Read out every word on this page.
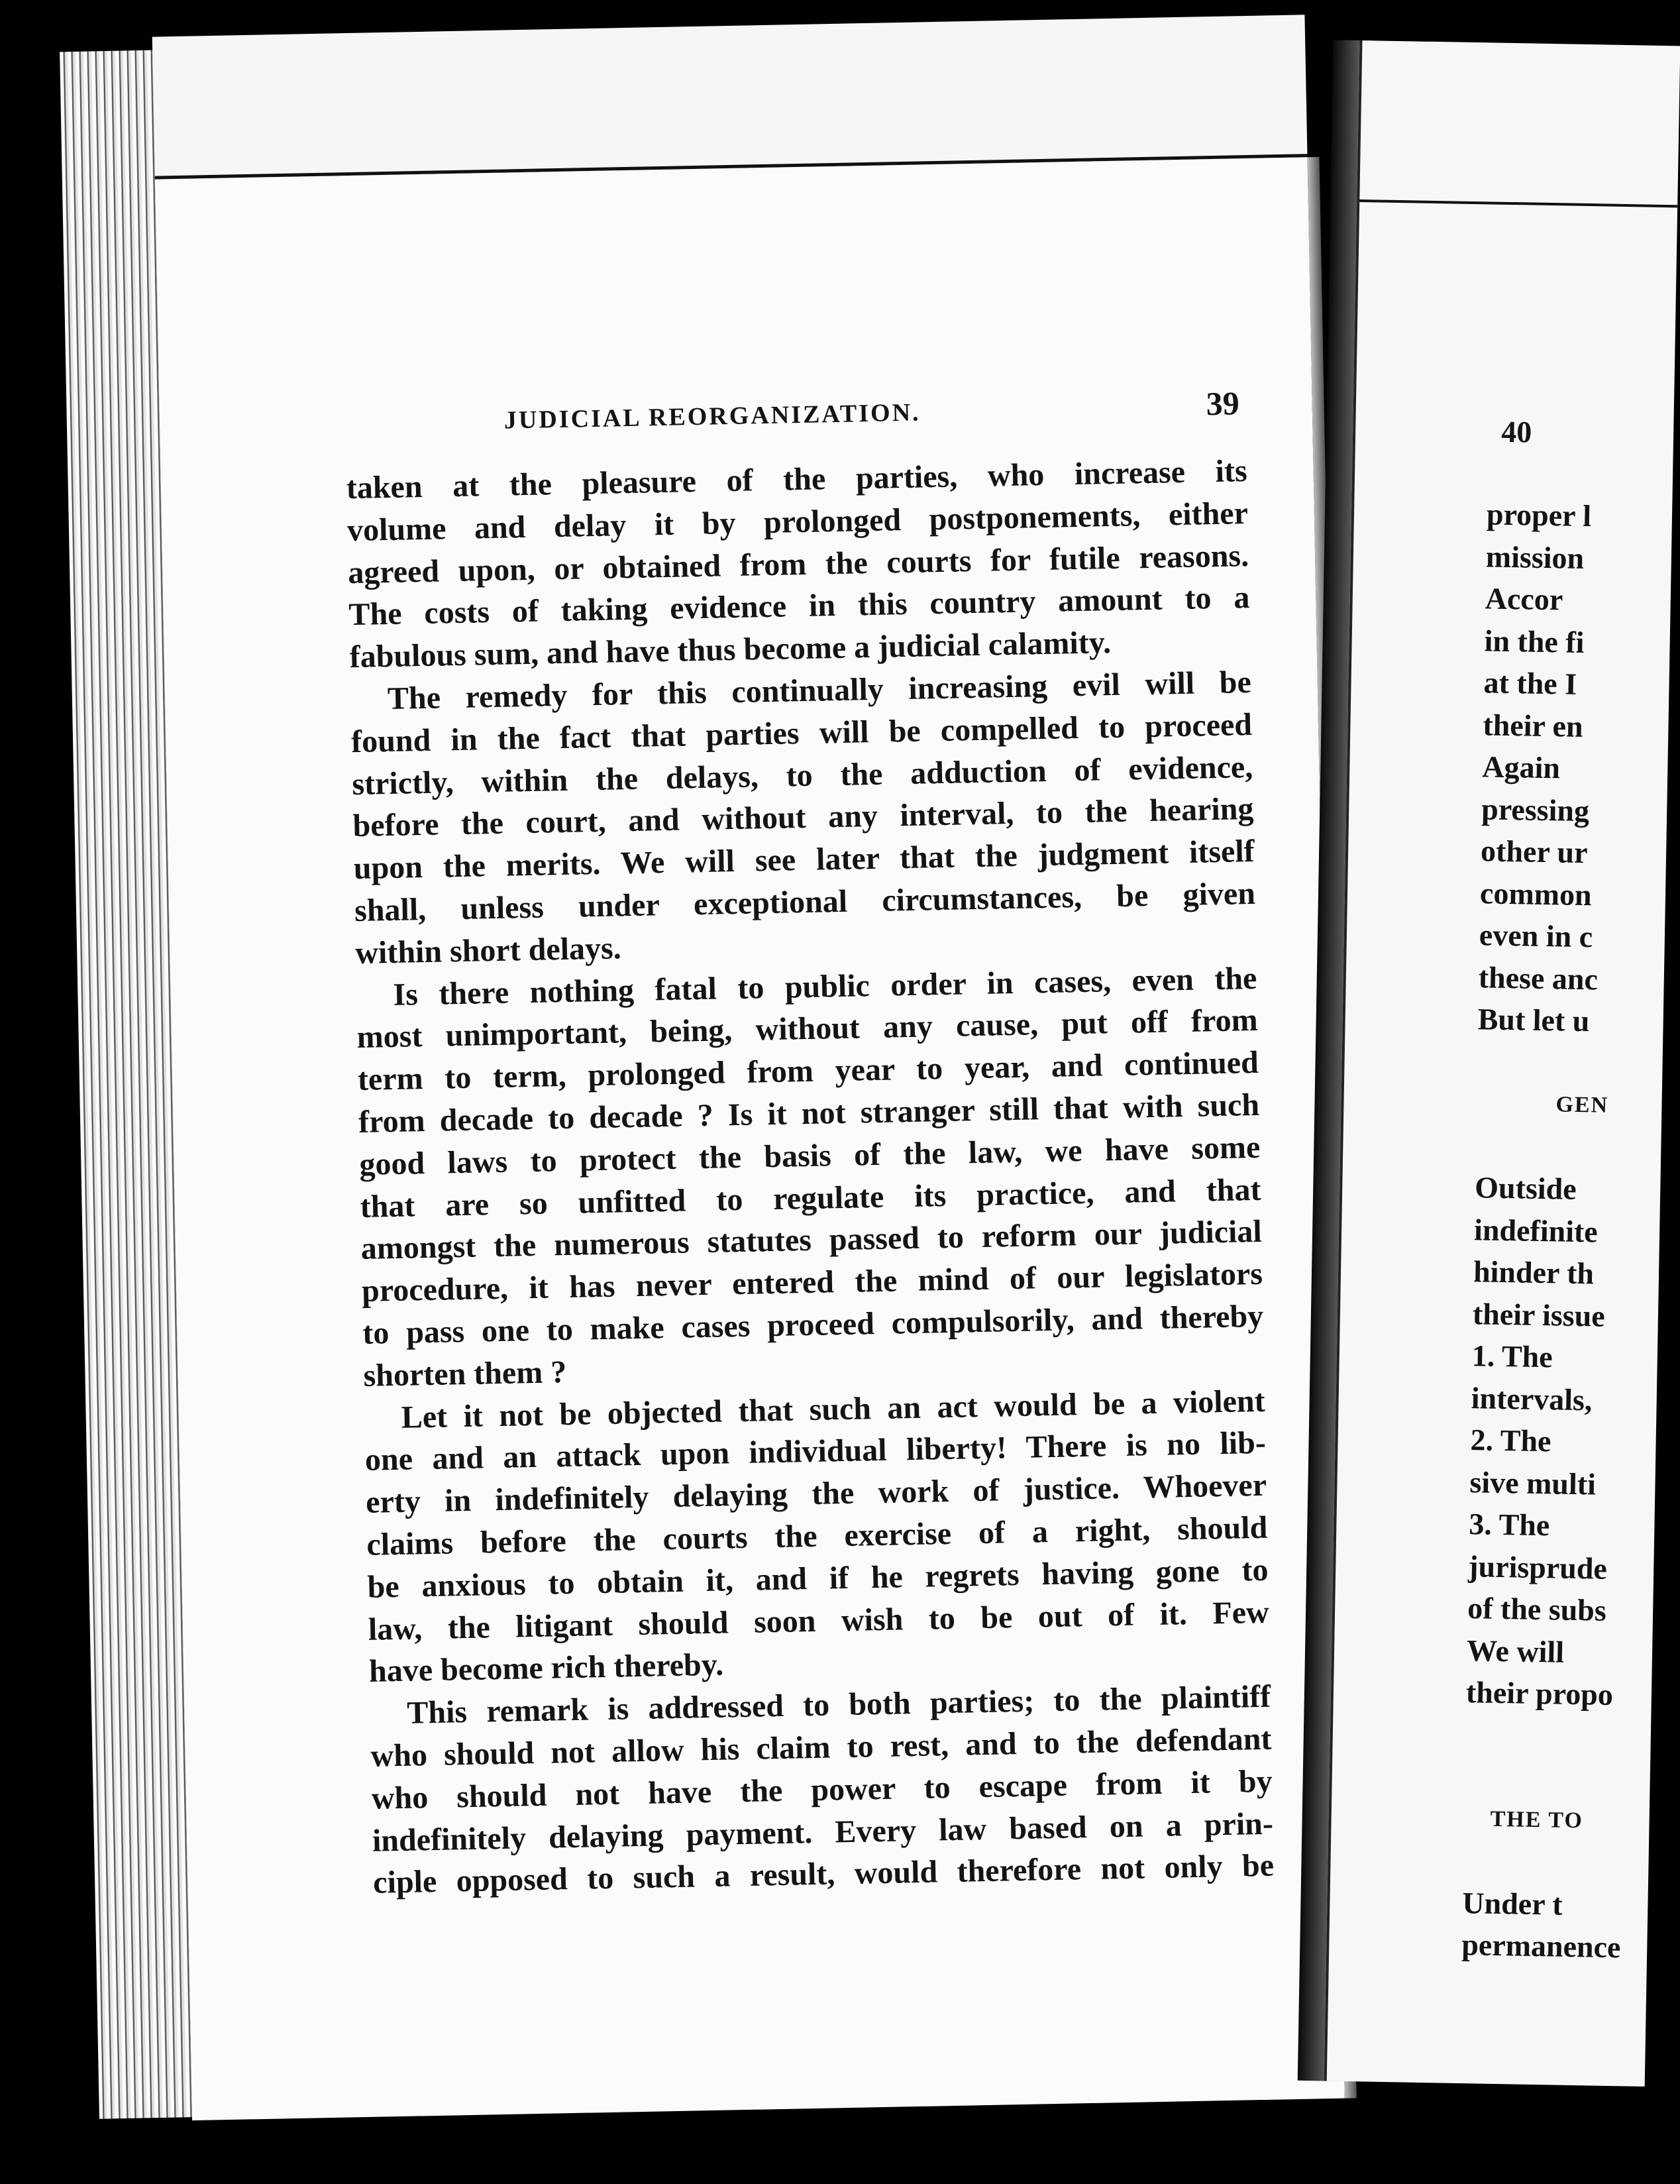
JUDICIAL REORGANIZATION.	39
taken at the pleasure of the parties, who increase its
volume and delay it by prolonged postponements, either
agreed upon, or obtained from the courts for futile reasons.
The costs of taking evidence in this country amount to a
fabulous sum, and have thus become a judicial calamity.
The remedy for this continually increasing evil will be
found in the fact that parties will be compelled to proceed
strictly, within the delays, to the adduction of evidence,
before the court, and without any interval, to the hearing
upon the merits. We will see later that the judgment itself
shall, unless under exceptional circumstances, be given
within short delays.
Is there nothing fatal to public order in cases, even the
most unimportant, being, without any cause, put off from
term to term, prolonged from year to year, and continued
from decade to decade ? Is it not stranger still that with such
good laws to protect the basis of the law, we have some
that are so unfitted to regulate its practice, and that
amongst the numerous statutes passed to reform our judicial
procedure, it has never entered the mind of our legislators
to pass one to make cases proceed compulsorily, and thereby
shorten them ?
Let it not be objected that such an act would be a violent
one and an attack upon individual liberty! There is no lib-
erty in indefinitely delaying the work of justice. Whoever
claims before the courts the exercise of a right, should
be anxious to obtain it, and if he regrets having gone to
law, the litigant should soon wish to be out of it. Few
have become rich thereby.
This remark is addressed to both parties; to the plaintiff
who should not allow his claim to rest, and to the defendant
who should not have the power to escape from it by
indefinitely delaying payment. Every law based on a prin-
ciple opposed to such a result, would therefore not only be
40
proper l
mission
Accor
in the fi
at the I
their en
Again
pressing
other ur
common
even in c
these anc
But let u
GEN
Outside
indefinite
hinder th
their issue
1. The
intervals,
2. The
sive multi
3. The
jurisprude
of the subs
We will
their propo
THE TO
Under t
permanence
